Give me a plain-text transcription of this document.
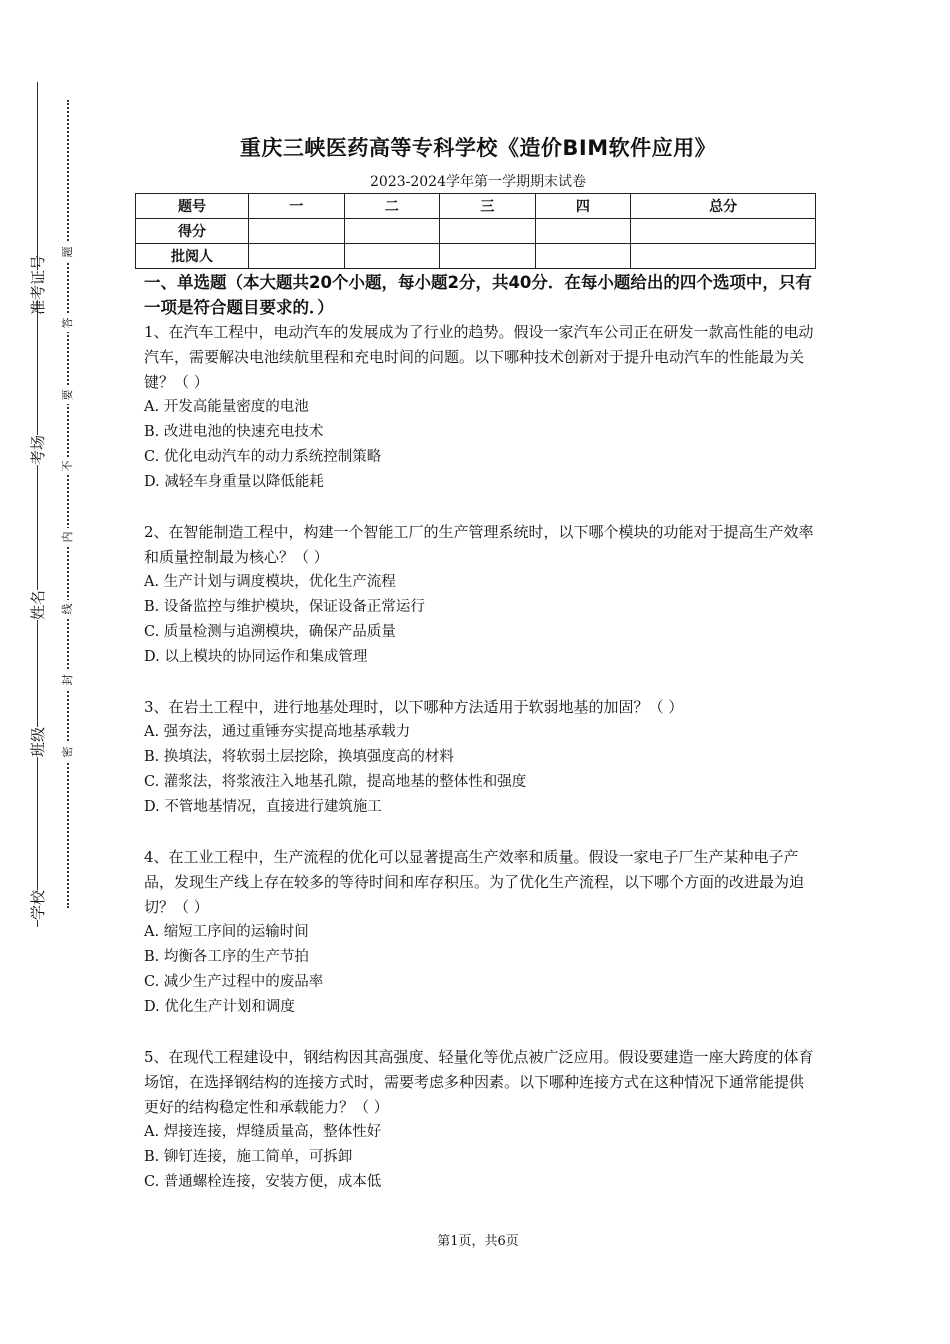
准考证号
考场
姓名
班级
学校
题
答
要
不
内
线
封
密
重庆三峡医药高等专科学校《造价BIM软件应用》
2023-2024学年第一学期期末试卷
题号	一	二	三	四	总分
得分					
批阅人					

一、单选题（本大题共20个小题，每小题2分，共40分．在每小题给出的四个选项中，只有一项是符合题目要求的．）

1、在汽车工程中，电动汽车的发展成为了行业的趋势。假设一家汽车公司正在研发一款高性能的电动汽车，需要解决电池续航里程和充电时间的问题。以下哪种技术创新对于提升电动汽车的性能最为关键？（ ）

A. 开发高能量密度的电池

B. 改进电池的快速充电技术

C. 优化电动汽车的动力系统控制策略

D. 减轻车身重量以降低能耗

2、在智能制造工程中，构建一个智能工厂的生产管理系统时，以下哪个模块的功能对于提高生产效率和质量控制最为核心？（ ）

A. 生产计划与调度模块，优化生产流程

B. 设备监控与维护模块，保证设备正常运行

C. 质量检测与追溯模块，确保产品质量

D. 以上模块的协同运作和集成管理

3、在岩土工程中，进行地基处理时，以下哪种方法适用于软弱地基的加固？（ ）

A. 强夯法，通过重锤夯实提高地基承载力

B. 换填法，将软弱土层挖除，换填强度高的材料

C. 灌浆法，将浆液注入地基孔隙，提高地基的整体性和强度

D. 不管地基情况，直接进行建筑施工

4、在工业工程中，生产流程的优化可以显著提高生产效率和质量。假设一家电子厂生产某种电子产品，发现生产线上存在较多的等待时间和库存积压。为了优化生产流程，以下哪个方面的改进最为迫切？（ ）

A. 缩短工序间的运输时间

B. 均衡各工序的生产节拍

C. 减少生产过程中的废品率

D. 优化生产计划和调度

5、在现代工程建设中，钢结构因其高强度、轻量化等优点被广泛应用。假设要建造一座大跨度的体育场馆，在选择钢结构的连接方式时，需要考虑多种因素。以下哪种连接方式在这种情况下通常能提供更好的结构稳定性和承载能力？（ ）

A. 焊接连接，焊缝质量高，整体性好

B. 铆钉连接，施工简单，可拆卸

C. 普通螺栓连接，安装方便，成本低

第1页，共6页
